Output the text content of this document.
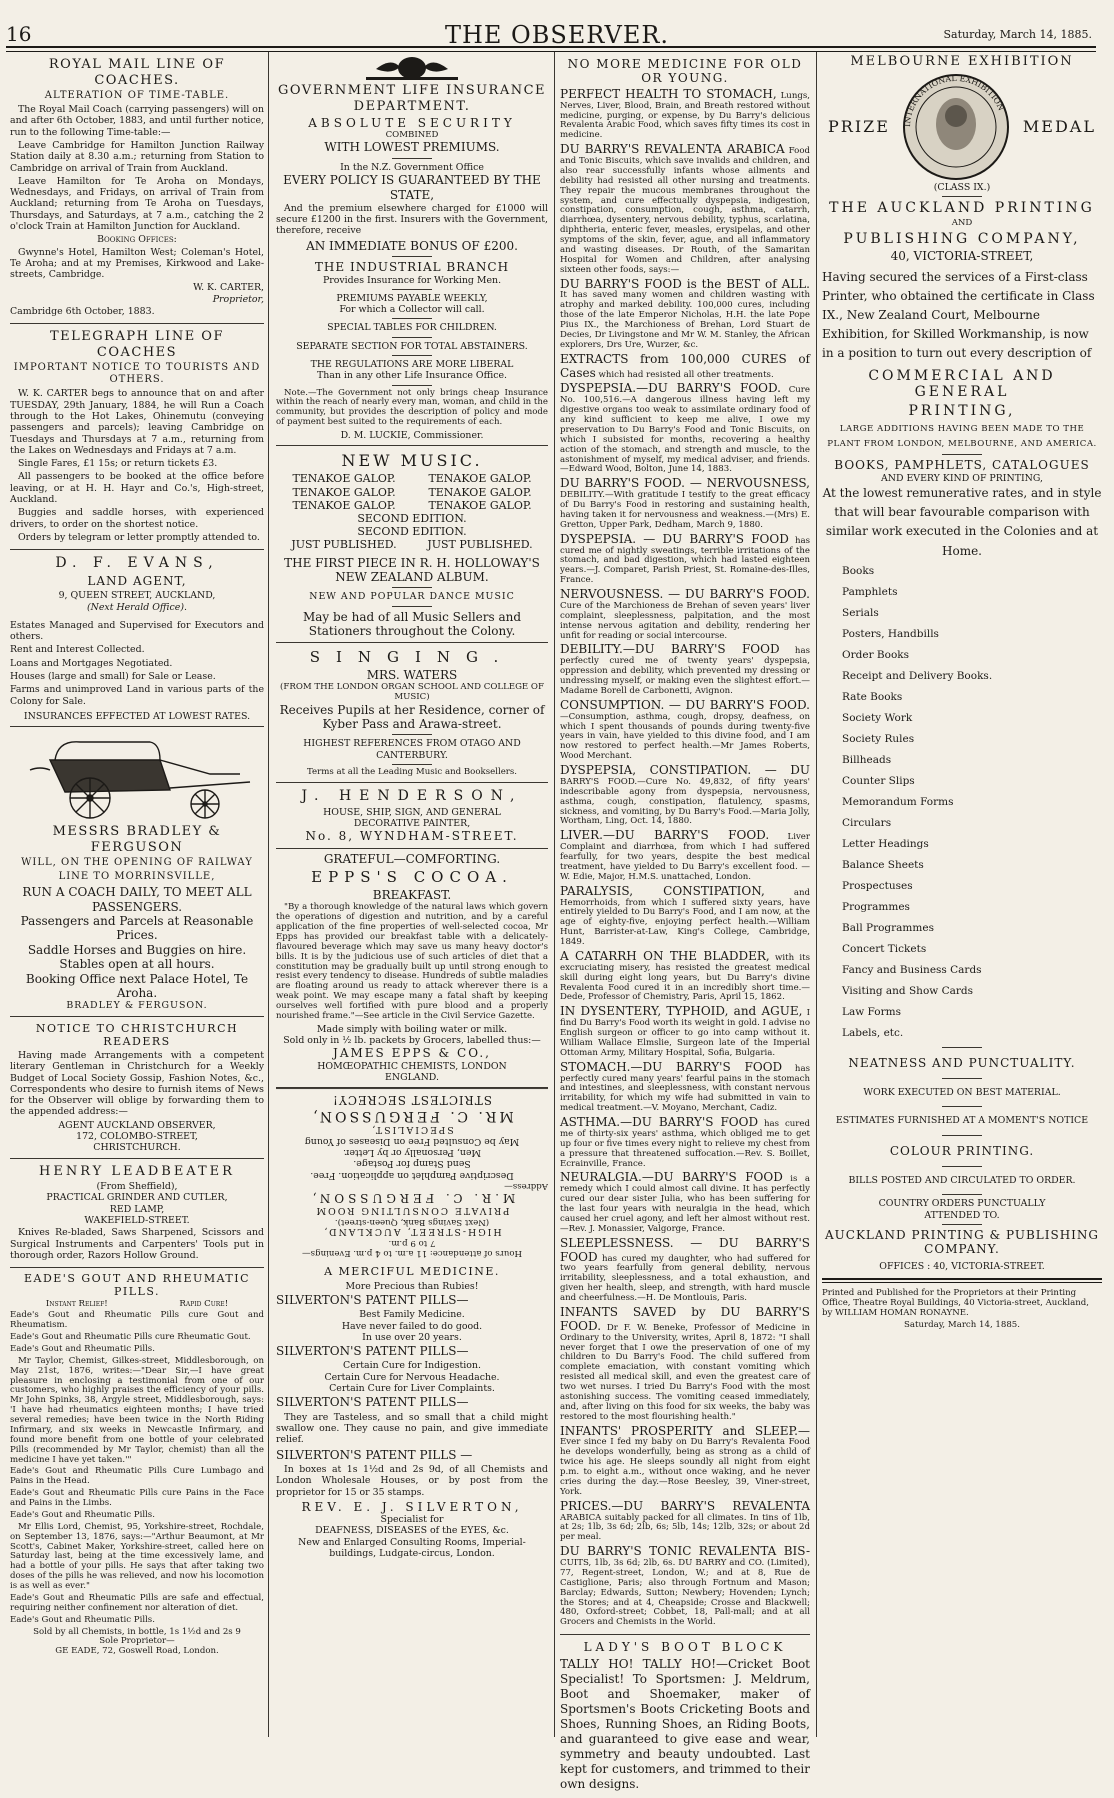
16	THE OBSERVER.	Saturday, March 14, 1885.
ROYAL MAIL LINE OF COACHES.
ALTERATION OF TIME-TABLE.
The Royal Mail Coach (carrying passengers) will on and after 6th October, 1883, and until further notice, run to the following Time-table:—
Leave Cambridge for Hamilton Junction Railway Station daily at 8.30 a.m.; returning from Station to Cambridge on arrival of Train from Auckland.
Leave Hamilton for Te Aroha on Mondays, Wednesdays, and Fridays, on arrival of Train from Auckland; returning from Te Aroha on Tuesdays, Thursdays, and Saturdays, at 7 a.m., catching the 2 o'clock Train at Hamilton Junction for Auckland.
Booking Offices:
Gwynne's Hotel, Hamilton West; Coleman's Hotel, Te Aroha; and at my Premises, Kirkwood and Lake-streets, Cambridge.
W. K. CARTER,
Proprietor,
Cambridge 6th October, 1883.
TELEGRAPH LINE OF COACHES
IMPORTANT NOTICE TO TOURISTS AND OTHERS.
W. K. CARTER begs to announce that on and after TUESDAY, 29th January, 1884, he will Run a Coach through to the Hot Lakes, Ohinemutu (conveying passengers and parcels); leaving Cambridge on Tuesdays and Thursdays at 7 a.m., returning from the Lakes on Wednesdays and Fridays at 7 a.m.
Single Fares, £1 15s; or return tickets £3.
All passengers to be booked at the office before leaving, or at H. H. Hayr and Co.'s, High-street, Auckland.
Buggies and saddle horses, with experienced drivers, to order on the shortest notice.
Orders by telegram or letter promptly attended to.
D. F. EVANS,
LAND AGENT,
9, QUEEN STREET, AUCKLAND,
(Next Herald Office).
Estates Managed and Supervised for Executors and others.
Rent and Interest Collected.
Loans and Mortgages Negotiated.
Houses (large and small) for Sale or Lease.
Farms and unimproved Land in various parts of the Colony for Sale.
INSURANCES EFFECTED AT LOWEST RATES.
MESSRS BRADLEY & FERGUSON
WILL, ON THE OPENING OF RAILWAY
LINE TO MORRINSVILLE,
RUN A COACH DAILY, TO MEET ALL PASSENGERS.
Passengers and Parcels at Reasonable Prices.
Saddle Horses and Buggies on hire. Stables open at all hours.
Booking Office next Palace Hotel, Te Aroha.
BRADLEY & FERGUSON.
NOTICE TO CHRISTCHURCH READERS
Having made Arrangements with a competent literary Gentleman in Christchurch for a Weekly Budget of Local Society Gossip, Fashion Notes, &c., Correspondents who desire to furnish items of News for the Observer will oblige by forwarding them to the appended address:—
AGENT AUCKLAND OBSERVER,
172, COLOMBO-STREET,
CHRISTCHURCH.
HENRY LEADBEATER
(From Sheffield),
PRACTICAL GRINDER AND CUTLER,
RED LAMP,
WAKEFIELD-STREET.
Knives Re-bladed, Saws Sharpened, Scissors and Surgical Instruments and Carpenters' Tools put in thorough order, Razors Hollow Ground.
EADE'S GOUT AND RHEUMATIC PILLS.
Instant Relief!	Rapid Cure!
Eade's Gout and Rheumatic Pills cure Gout and Rheumatism.
Eade's Gout and Rheumatic Pills cure Rheumatic Gout.
Eade's Gout and Rheumatic Pills.
Mr Taylor, Chemist, Gilkes-street, Middlesborough, on May 21st, 1876, writes:—"Dear Sir,—I have great pleasure in enclosing a testimonial from one of our customers, who highly praises the efficiency of your pills. Mr John Spinks, 38, Argyle street, Middlesborough, says: 'I have had rheumatics eighteen months; I have tried several remedies; have been twice in the North Riding Infirmary, and six weeks in Newcastle Infirmary, and found more benefit from one bottle of your celebrated Pills (recommended by Mr Taylor, chemist) than all the medicine I have yet taken.'"
Eade's Gout and Rheumatic Pills Cure Lumbago and Pains in the Head.
Eade's Gout and Rheumatic Pills cure Pains in the Face and Pains in the Limbs.
Eade's Gout and Rheumatic Pills.
Mr Ellis Lord, Chemist, 95, Yorkshire-street, Rochdale, on September 13, 1876, says:—"Arthur Beaumont, at Mr Scott's, Cabinet Maker, Yorkshire-street, called here on Saturday last, being at the time excessively lame, and had a bottle of your pills. He says that after taking two doses of the pills he was relieved, and now his locomotion is as well as ever."
Eade's Gout and Rheumatic Pills are safe and effectual, requiring neither confinement nor alteration of diet.
Eade's Gout and Rheumatic Pills.
Sold by all Chemists, in bottle, 1s 1½d and 2s 9
Sole Proprietor—
GE EADE, 72, Goswell Road, London.
GOVERNMENT LIFE INSURANCE DEPARTMENT.
ABSOLUTE SECURITY
COMBINED
WITH LOWEST PREMIUMS.
In the N.Z. Government Office
EVERY POLICY IS GUARANTEED BY THE STATE,
And the premium elsewhere charged for £1000 will secure £1200 in the first. Insurers with the Government, therefore, receive
AN IMMEDIATE BONUS OF £200.
THE INDUSTRIAL BRANCH
Provides Insurance for Working Men.
PREMIUMS PAYABLE WEEKLY,
For which a Collector will call.
SPECIAL TABLES FOR CHILDREN.
SEPARATE SECTION FOR TOTAL ABSTAINERS.
THE REGULATIONS ARE MORE LIBERAL
Than in any other Life Insurance Office.
Note.—The Government not only brings cheap Insurance within the reach of nearly every man, woman, and child in the community, but provides the description of policy and mode of payment best suited to the requirements of each.
D. M. LUCKIE, Commissioner.
NEW MUSIC.
TENAKOE GALOP.	TENAKOE GALOP.
TENAKOE GALOP.	TENAKOE GALOP.
TENAKOE GALOP.	TENAKOE GALOP.
SECOND EDITION.
SECOND EDITION.
JUST PUBLISHED.	JUST PUBLISHED.
THE FIRST PIECE IN R. H. HOLLOWAY'S NEW ZEALAND ALBUM.
NEW AND POPULAR DANCE MUSIC
May be had of all Music Sellers and Stationers throughout the Colony.
SINGING.
MRS. WATERS
(FROM THE LONDON ORGAN SCHOOL AND COLLEGE OF MUSIC)
Receives Pupils at her Residence, corner of Kyber Pass and Arawa-street.
HIGHEST REFERENCES FROM OTAGO AND CANTERBURY.
Terms at all the Leading Music and Booksellers.
J. HENDERSON,
HOUSE, SHIP, SIGN, AND GENERAL
DECORATIVE PAINTER,
No. 8, WYNDHAM-STREET.
GRATEFUL—COMFORTING.
EPPS'S COCOA.
BREAKFAST.
"By a thorough knowledge of the natural laws which govern the operations of digestion and nutrition, and by a careful application of the fine properties of well-selected cocoa, Mr Epps has provided our breakfast table with a delicately-flavoured beverage which may save us many heavy doctor's bills. It is by the judicious use of such articles of diet that a constitution may be gradually built up until strong enough to resist every tendency to disease. Hundreds of subtle maladies are floating around us ready to attack wherever there is a weak point. We may escape many a fatal shaft by keeping ourselves well fortified with pure blood and a properly nourished frame."—See article in the Civil Service Gazette.
Made simply with boiling water or milk.
Sold only in ½ lb. packets by Grocers, labelled thus:—
JAMES EPPS & CO.,
HOMŒOPATHIC CHEMISTS, LONDON
ENGLAND.
Hours of attendance: 11 a.m. to 4 p.m. Evenings—
7 to 9 p.m.
HIGH-STREET, AUCKLAND,
(Next Savings Bank, Queen-street).
PRIVATE CONSULTING ROOM
M.R. C. FERGUSSON,
Address—
Descriptive Pamphlet on application. Free.
Send Stamp for Postage.
Men, Personally or by Letter.
May be Consulted Free on Diseases of Young
SPECIALIST,
MR. C. FERGUSSON,
STRICTEST SECRECY!
A MERCIFUL MEDICINE.
More Precious than Rubies!
SILVERTON'S PATENT PILLS—
Best Family Medicine.
Have never failed to do good.
In use over 20 years.
SILVERTON'S PATENT PILLS—
Certain Cure for Indigestion.
Certain Cure for Nervous Headache.
Certain Cure for Liver Complaints.
SILVERTON'S PATENT PILLS—
They are Tasteless, and so small that a child might swallow one. They cause no pain, and give immediate relief.
SILVERTON'S PATENT PILLS —
In boxes at 1s 1½d and 2s 9d, of all Chemists and London Wholesale Houses, or by post from the proprietor for 15 or 35 stamps.
REV. E. J. SILVERTON,
Specialist for
DEAFNESS, DISEASES of the EYES, &c.
New and Enlarged Consulting Rooms, Imperial-buildings, Ludgate-circus, London.
NO MORE MEDICINE FOR OLD OR YOUNG.
PERFECT HEALTH TO STOMACH, Lungs, Nerves, Liver, Blood, Brain, and Breath restored without medicine, purging, or expense, by Du Barry's delicious Revalenta Arabic Food, which saves fifty times its cost in medicine.
DU BARRY'S REVALENTA ARABICA Food and Tonic Biscuits, which save invalids and children, and also rear successfully infants whose ailments and debility had resisted all other nursing and treatments. They repair the mucous membranes throughout the system, and cure effectually dyspepsia, indigestion, constipation, consumption, cough, asthma, catarrh, diarrhœa, dysentery, nervous debility, typhus, scarlatina, diphtheria, enteric fever, measles, erysipelas, and other symptoms of the skin, fever, ague, and all inflammatory and wasting diseases. Dr Routh, of the Samaritan Hospital for Women and Children, after analysing sixteen other foods, says:—
DU BARRY'S FOOD is the BEST of ALL. It has saved many women and children wasting with atrophy and marked debility. 100,000 cures, including those of the late Emperor Nicholas, H.H. the late Pope Pius IX., the Marchioness of Brehan, Lord Stuart de Decies, Dr Livingstone and Mr W. M. Stanley, the African explorers, Drs Ure, Wurzer, &c.
EXTRACTS from 100,000 CURES of Cases which had resisted all other treatments.
DYSPEPSIA.—DU BARRY'S FOOD. Cure No. 100,516.—A dangerous illness having left my digestive organs too weak to assimilate ordinary food of any kind sufficient to keep me alive, I owe my preservation to Du Barry's Food and Tonic Biscuits, on which I subsisted for months, recovering a healthy action of the stomach, and strength and muscle, to the astonishment of myself, my medical adviser, and friends.—Edward Wood, Bolton, June 14, 1883.
DU BARRY'S FOOD. — NERVOUSNESS, DEBILITY.—With gratitude I testify to the great efficacy of Du Barry's Food in restoring and sustaining health, having taken it for nervousness and weakness.—(Mrs) E. Gretton, Upper Park, Dedham, March 9, 1880.
DYSPEPSIA. — DU BARRY'S FOOD has cured me of nightly sweatings, terrible irritations of the stomach, and bad digestion, which had lasted eighteen years.—J. Comparet, Parish Priest, St. Romaine-des-Illes, France.
NERVOUSNESS. — DU BARRY'S FOOD. Cure of the Marchioness de Brehan of seven years' liver complaint, sleeplessness, palpitation, and the most intense nervous agitation and debility, rendering her unfit for reading or social intercourse.
DEBILITY.—DU BARRY'S FOOD has perfectly cured me of twenty years' dyspepsia, oppression and debility, which prevented my dressing or undressing myself, or making even the slightest effort.—Madame Borell de Carbonetti, Avignon.
CONSUMPTION. — DU BARRY'S FOOD. —Consumption, asthma, cough, dropsy, deafness, on which I spent thousands of pounds during twenty-five years in vain, have yielded to this divine food, and I am now restored to perfect health.—Mr James Roberts, Wood Merchant.
DYSPEPSIA, CONSTIPATION. — DU BARRY'S FOOD.—Cure No. 49,832, of fifty years' indescribable agony from dyspepsia, nervousness, asthma, cough, constipation, flatulency, spasms, sickness, and vomiting, by Du Barry's Food.—Maria Jolly, Wortham, Ling, Oct. 14, 1880.
LIVER.—DU BARRY'S FOOD. Liver Complaint and diarrhœa, from which I had suffered fearfully, for two years, despite the best medical treatment, have yielded to Du Barry's excellent food. — W. Edie, Major, H.M.S. unattached, London.
PARALYSIS, CONSTIPATION,	and Hemorrhoids, from which I suffered sixty years, have entirely yielded to Du Barry's Food, and I am now, at the age of eighty-five, enjoying perfect health.—William Hunt, Barrister-at-Law, King's College, Cambridge, 1849.
A CATARRH ON THE BLADDER, with its excruciating misery, has resisted the greatest medical skill during eight long years, but Du Barry's divine Revalenta Food cured it in an incredibly short time.—Dede, Professor of Chemistry, Paris, April 15, 1862.
IN DYSENTERY, TYPHOID, and AGUE, I find Du Barry's Food worth its weight in gold. I advise no English surgeon or officer to go into camp without it. William Wallace Elmslie, Surgeon late of the Imperial Ottoman Army, Military Hospital, Sofia, Bulgaria.
STOMACH.—DU BARRY'S FOOD has perfectly cured many years' fearful pains in the stomach and intestines, and sleeplessness, with constant nervous irritability, for which my wife had submitted in vain to medical treatment.—V. Moyano, Merchant, Cadiz.
ASTHMA.—DU BARRY'S FOOD has cured me of thirty-six years' asthma, which obliged me to get up four or five times every night to relieve my chest from a pressure that threatened suffocation.—Rev. S. Boillet, Ecrainville, France.
NEURALGIA.—DU BARRY'S FOOD is a remedy which I could almost call divine. It has perfectly cured our dear sister Julia, who has been suffering for the last four years with neuralgia in the head, which caused her cruel agony, and left her almost without rest.—Rev. J. Monassier, Valgorge, France.
SLEEPLESSNESS. — DU BARRY'S FOOD has cured my daughter, who had suffered for two years fearfully from general debility, nervous irritability, sleeplessness, and a total exhaustion, and given her health, sleep, and strength, with hard muscle and cheerfulness.—H. De Montlouis, Paris.
INFANTS SAVED by DU BARRY'S FOOD. Dr F. W. Beneke, Professor of Medicine in Ordinary to the University, writes, April 8, 1872: "I shall never forget that I owe the preservation of one of my children to Du Barry's Food. The child suffered from complete emaciation, with constant vomiting which resisted all medical skill, and even the greatest care of two wet nurses. I tried Du Barry's Food with the most astonishing success. The vomiting ceased immediately, and, after living on this food for six weeks, the baby was restored to the most flourishing health."
INFANTS' PROSPERITY and SLEEP.— Ever since I fed my baby on Du Barry's Revalenta Food he develops wonderfully, being as strong as a child of twice his age. He sleeps soundly all night from eight p.m. to eight a.m., without once waking, and he never cries during the day.—Rose Beesley, 39, Viner-street, York.
PRICES.—DU BARRY'S REVALENTA ARABICA suitably packed for all climates. In tins of 1lb, at 2s; 1lb, 3s 6d; 2lb, 6s; 5lb, 14s; 12lb, 32s; or about 2d per meal.
DU BARRY'S TONIC REVALENTA BIS- CUITS, 1lb, 3s 6d; 2lb, 6s. DU BARRY and CO. (Limited), 77, Regent-street, London, W.; and at 8, Rue de Castiglione, Paris; also through Fortnum and Mason; Barclay; Edwards, Sutton; Newbery; Hovenden; Lynch; the Stores; and at 4, Cheapside; Crosse and Blackwell; 480, Oxford-street; Cobbet, 18, Pall-mall; and at all Grocers and Chemists in the World.
LADY'S BOOT BLOCK
TALLY HO! TALLY HO!—Cricket Boot Specialist! To Sportsmen: J. Meldrum, Boot and Shoemaker, maker of Sportsmen's Boots Cricketing Boots and Shoes, Running Shoes, an Riding Boots, and guaranteed to give ease and wear, symmetry and beauty undoubted. Last kept for customers, and trimmed to their own designs.
MELBOURNE EXHIBITION
PRIZE INTERNATIONAL EXHIBITION
MEDAL
(CLASS IX.)
THE AUCKLAND PRINTING
AND
PUBLISHING COMPANY,
40, VICTORIA-STREET,
Having secured the services of a First-class Printer, who obtained the certificate in Class IX., New Zealand Court, Melbourne Exhibition, for Skilled Workmanship, is now in a position to turn out every description of
COMMERCIAL AND GENERAL
PRINTING,
LARGE ADDITIONS HAVING BEEN MADE TO THE PLANT FROM LONDON, MELBOURNE, AND AMERICA.
BOOKS, PAMPHLETS, CATALOGUES
AND EVERY KIND OF PRINTING,
At the lowest remunerative rates, and in style that will bear favourable comparison with similar work executed in the Colonies and at Home.
Books
Pamphlets
Serials
Posters, Handbills
Order Books
Receipt and Delivery Books.
Rate Books
Society Work
Society Rules
Billheads
Counter Slips
Memorandum Forms
Circulars
Letter Headings
Balance Sheets
Prospectuses
Programmes
Ball Programmes
Concert Tickets
Fancy and Business Cards
Visiting and Show Cards
Law Forms
Labels, etc.
NEATNESS AND PUNCTUALITY.
WORK EXECUTED ON BEST MATERIAL.
ESTIMATES FURNISHED AT A MOMENT'S NOTICE
COLOUR PRINTING.
BILLS POSTED AND CIRCULATED TO ORDER.
COUNTRY ORDERS PUNCTUALLY
ATTENDED TO.
AUCKLAND PRINTING & PUBLISHING COMPANY.
OFFICES : 40, VICTORIA-STREET.
Printed and Published for the Proprietors at their Printing Office, Theatre Royal Buildings, 40 Victoria-street, Auckland, by WILLIAM HOMAN RONAYNE.
Saturday, March 14, 1885.
